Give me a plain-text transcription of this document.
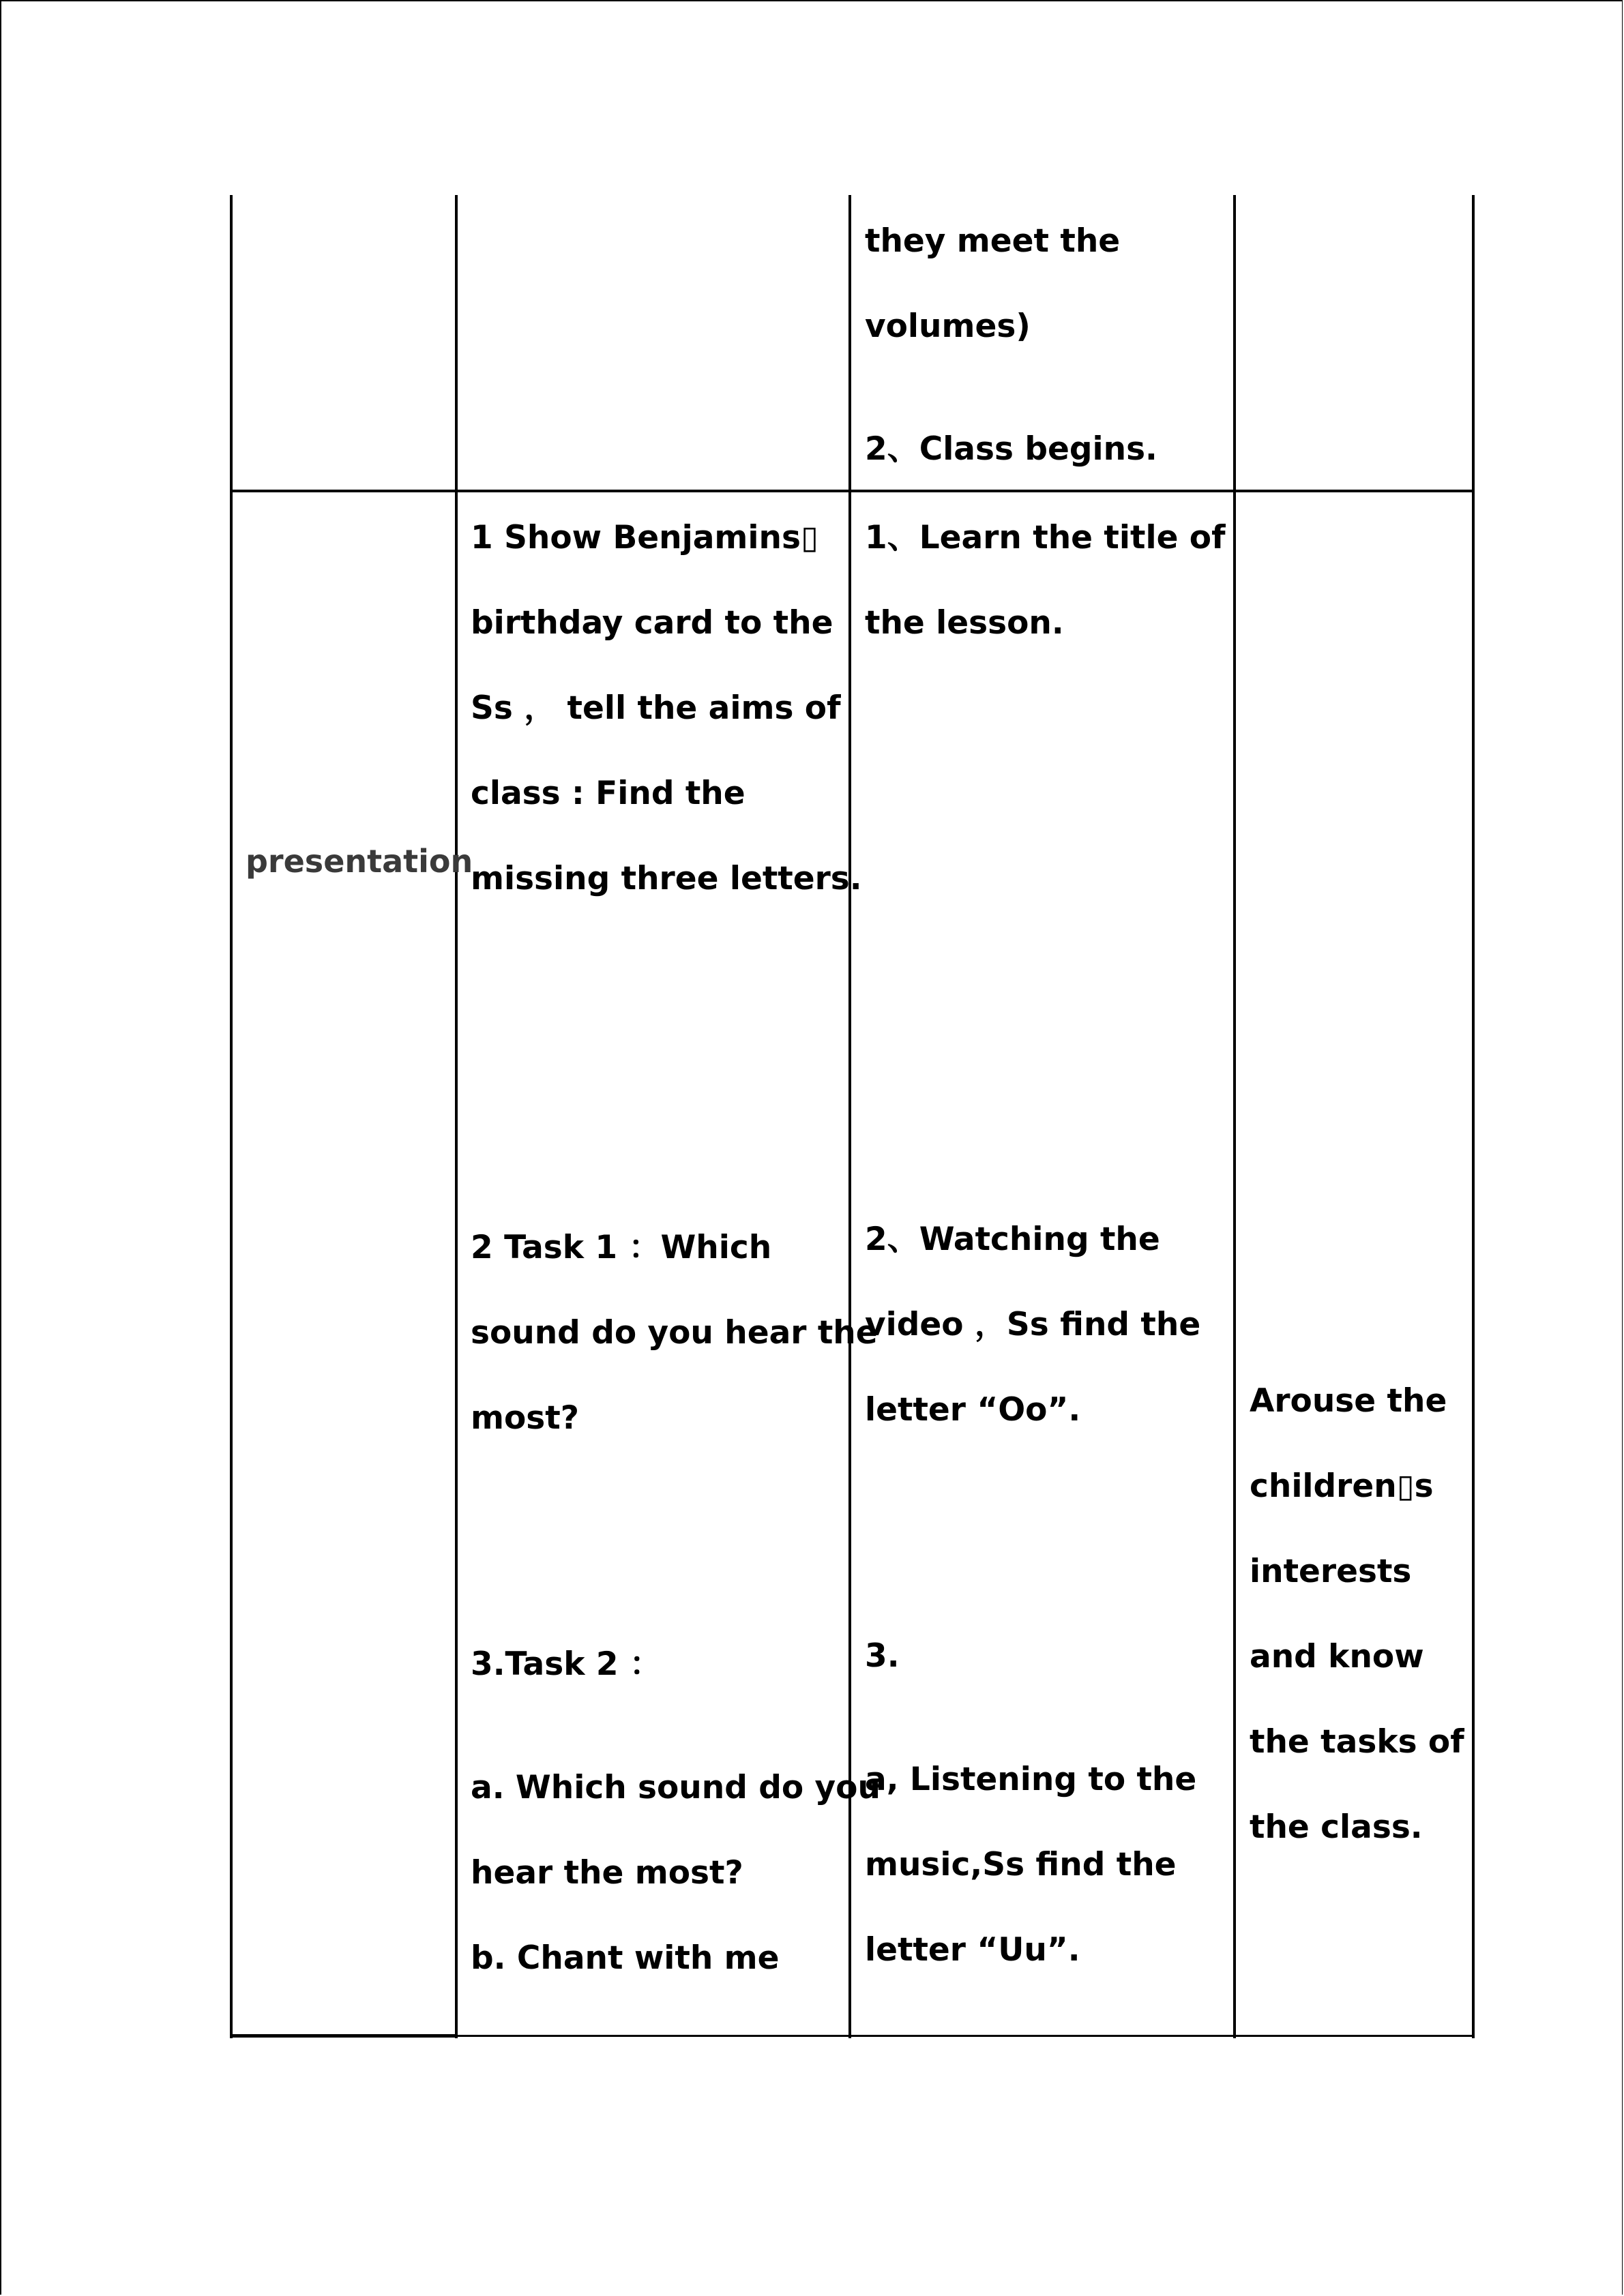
they meet the
volumes)
2、Class begins.
presentation
1 Show Benjamins▯
birthday card to the
Ss ， tell the aims of
class : Find the
missing three letters.
2 Task 1 ：Which
sound do you hear the
most?
3.Task 2 ：
a. Which sound do you
hear the most?
b. Chant with me
1、Learn the title of
the lesson.
2、Watching the
video ，Ss find the
letter “Oo”.
3.
a, Listening to the
music,Ss find the
letter “Uu”.
Arouse the
children▯s
interests
and know
the tasks of
the class.
